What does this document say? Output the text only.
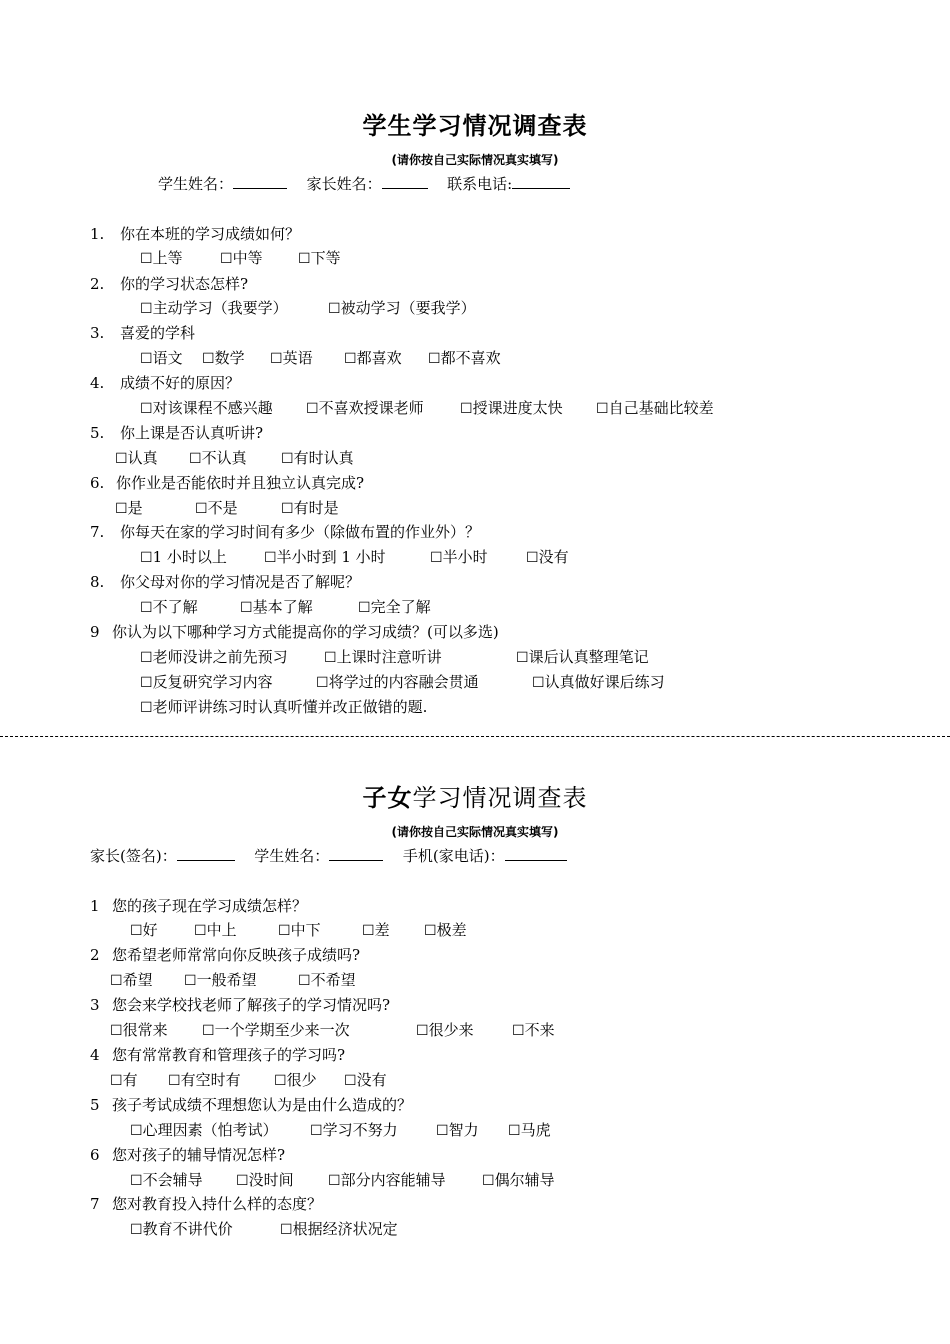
学生学习情况调查表
(请你按自己实际情况真实填写)
学生姓名：	家长姓名：	联系电话:
1. 你在本班的学习成绩如何？
☐上等	☐中等	☐下等
2. 你的学习状态怎样?
☐主动学习（我要学）	☐被动学习（要我学）
3. 喜爱的学科
☐语文 ☐数学 ☐英语 ☐都喜欢 ☐都不喜欢
4. 成绩不好的原因？
☐对该课程不感兴趣 ☐不喜欢授课老师	☐授课进度太快 ☐自己基础比较差
5. 你上课是否认真听讲?
☐认真 ☐不认真 ☐有时认真
6. 你作业是否能依时并且独立认真完成?
☐是	☐不是	☐有时是
7. 你每天在家的学习时间有多少（除做布置的作业外）？
☐1 小时以上	☐半小时到 1 小时	☐半小时	☐没有
8. 你父母对你的学习情况是否了解呢？
☐不了解	☐基本了解	☐完全了解
9 你认为以下哪种学习方式能提高你的学习成绩？(可以多选)
☐老师没讲之前先预习	☐上课时注意听讲	☐课后认真整理笔记
☐反复研究学习内容	☐将学过的内容融会贯通	☐认真做好课后练习
☐老师评讲练习时认真听懂并改正做错的题.
子女学习情况调查表
(请你按自己实际情况真实填写)
家长(签名)：	学生姓名：	手机(家电话)：
1 您的孩子现在学习成绩怎样？
☐好	☐中上	☐中下	☐差 ☐极差
2 您希望老师常常向你反映孩子成绩吗?
☐希望 ☐一般希望	☐不希望
3 您会来学校找老师了解孩子的学习情况吗?
☐很常来 ☐一个学期至少来一次	☐很少来	☐不来
4 您有常常教育和管理孩子的学习吗?
☐有 ☐有空时有 ☐很少 ☐没有
5 孩子考试成绩不理想您认为是由什么造成的？
☐心理因素（怕考试） ☐学习不努力	☐智力 ☐马虎
6 您对孩子的辅导情况怎样?
☐不会辅导 ☐没时间 ☐部分内容能辅导	☐偶尔辅导
7 您对教育投入持什么样的态度？
☐教育不讲代价	☐根据经济状况定
